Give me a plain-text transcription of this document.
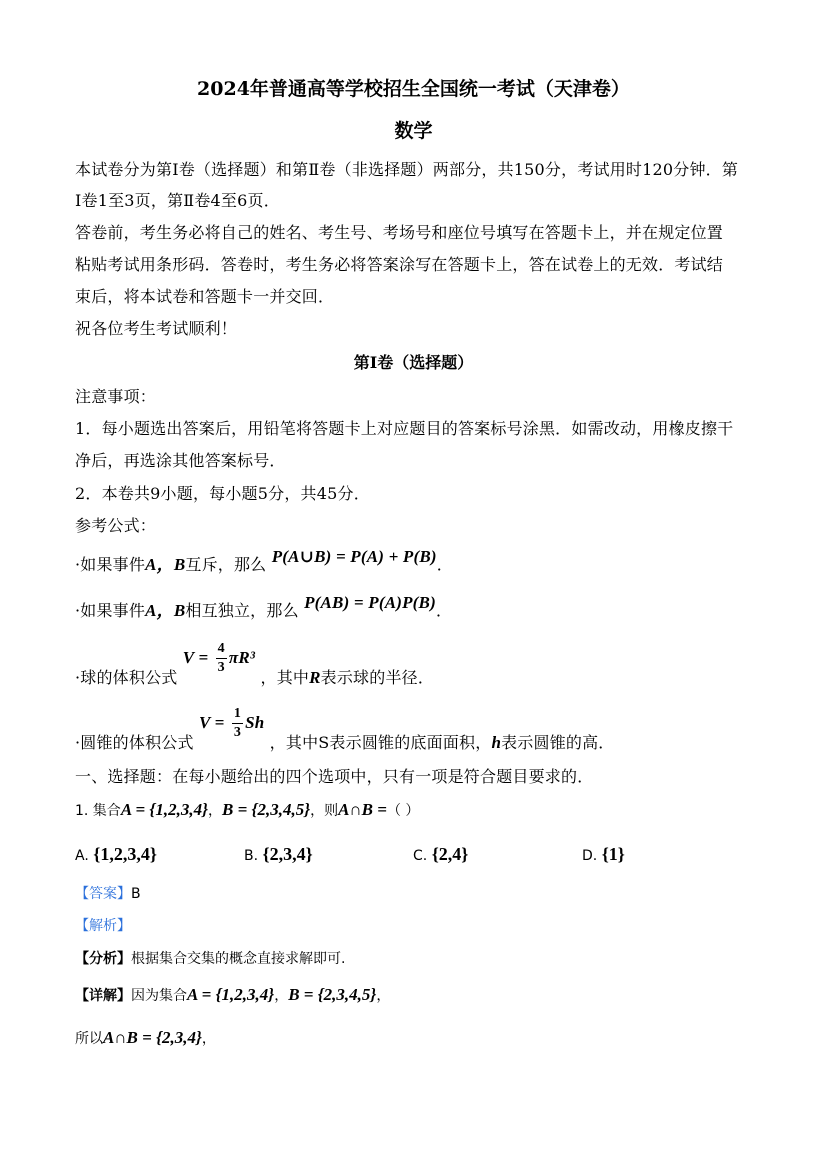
2024年普通高等学校招生全国统一考试（天津卷）
数学
本试卷分为第Ⅰ卷（选择题）和第Ⅱ卷（非选择题）两部分，共150分，考试用时120分钟．第
Ⅰ卷1至3页，第Ⅱ卷4至6页．
答卷前，考生务必将自己的姓名、考生号、考场号和座位号填写在答题卡上，并在规定位置
粘贴考试用条形码．答卷时，考生务必将答案涂写在答题卡上，答在试卷上的无效．考试结
束后，将本试卷和答题卡一并交回．
祝各位考生考试顺利！
第Ⅰ卷（选择题）
注意事项：
1．每小题选出答案后，用铅笔将答题卡上对应题目的答案标号涂黑．如需改动，用橡皮擦干
净后，再选涂其他答案标号．
2．本卷共9小题，每小题5分，共45分．
参考公式：
·如果事件A，B互斥，那么 P(A∪B) = P(A) + P(B)．
·如果事件A，B相互独立，那么 P(AB) = P(A)P(B)．
·球的体积公式 $V = \frac{4}{3} \pi R^3$ ，其中R表示球的半径．
·圆锥的体积公式 $V = \frac{1}{3}$ Sh ，其中S表示圆锥的底面面积，h表示圆锥的高．
一、选择题：在每小题给出的四个选项中，只有一项是符合题目要求的．
1. 集合A = {1,2,3,4}，B = {2,3,4,5}，则A∩B =（ ）
A. {1,2,3,4}	B. {2,3,4}	C. {2,4}	D. {1}
【答案】B
【解析】
【分析】根据集合交集的概念直接求解即可.
【详解】因为集合A = {1,2,3,4}，B = {2,3,4,5}，
所以A∩B = {2,3,4}，
